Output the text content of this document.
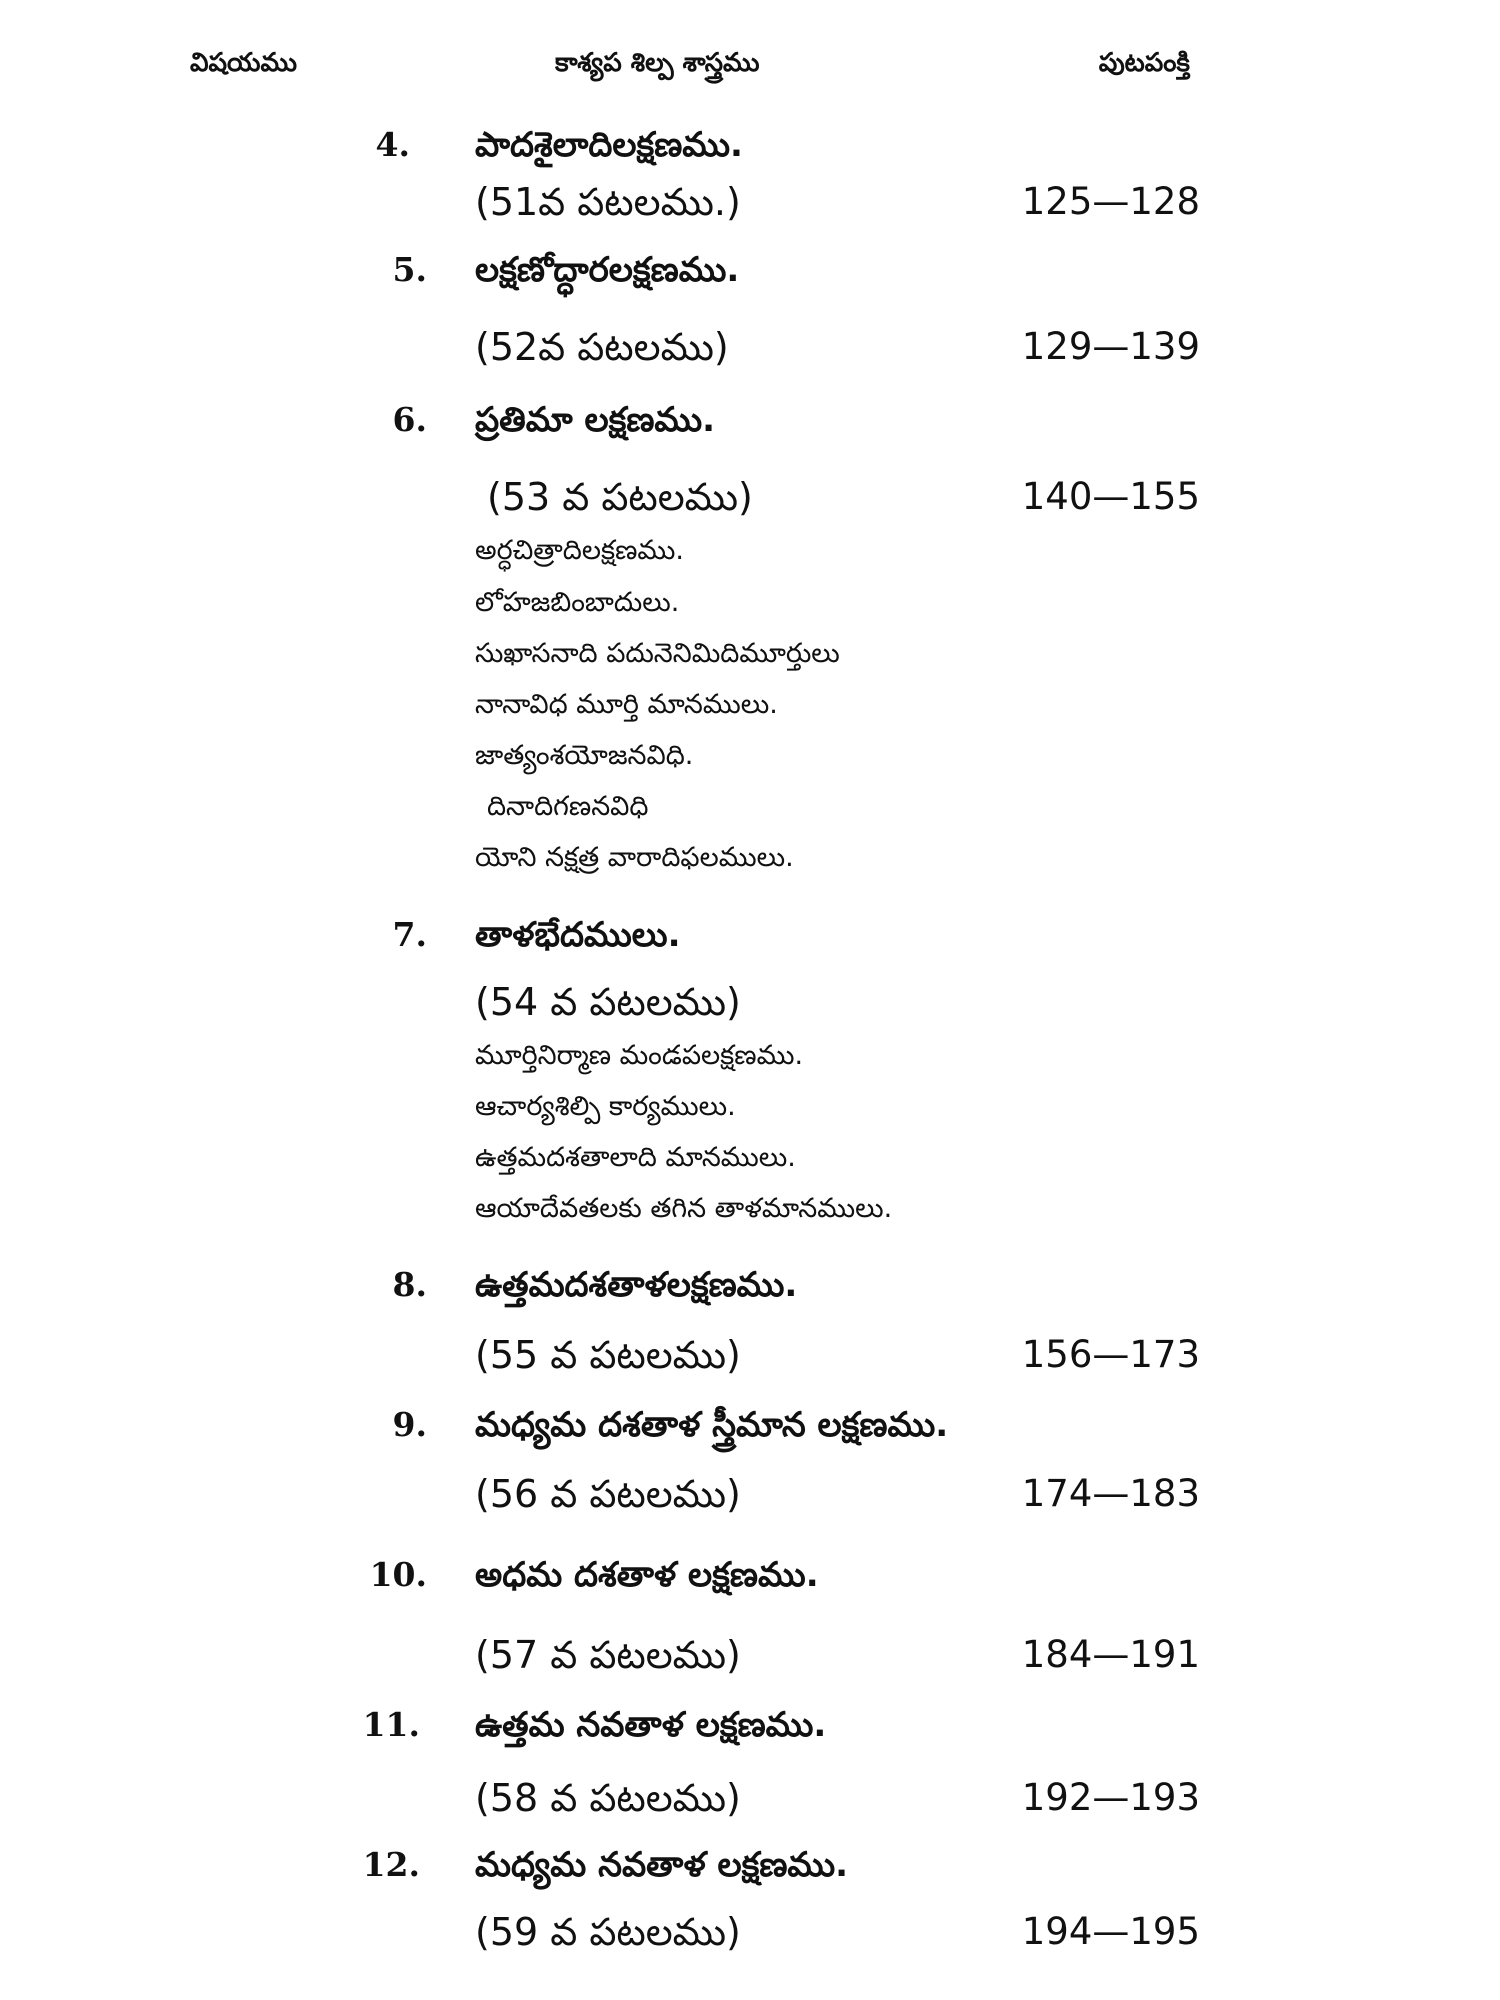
విషయము	కాశ్యప శిల్ప శాస్త్రము	పుటపంక్తి
4. పాదశైలాదిలక్షణము.
(51వ పటలము.)	125—128
5. లక్షణోద్ధారలక్షణము.
(52వ పటలము)	129—139
6. ప్రతిమా లక్షణము.
(53 వ పటలము)	140—155
అర్ధచిత్రాదిలక్షణము.
లోహజబింబాదులు.
సుఖాసనాది పదునెనిమిదిమూర్తులు
నానావిధ మూర్తి మానములు.
జాత్యంశయోజనవిధి.
దినాదిగణనవిధి
యోని నక్షత్ర వారాదిఫలములు.
7. తాళభేదములు.
(54 వ పటలము)
మూర్తినిర్మాణ మండపలక్షణము.
ఆచార్యశిల్పి కార్యములు.
ఉత్తమదశతాలాది మానములు.
ఆయాదేవతలకు తగిన తాళమానములు.
8. ఉత్తమదశతాళలక్షణము.
(55 వ పటలము)	156—173
9. మధ్యమ దశతాళ స్త్రీమాన లక్షణము.
(56 వ పటలము)	174—183
10. అధమ దశతాళ లక్షణము.
(57 వ పటలము)	184—191
11. ఉత్తమ నవతాళ లక్షణము.
(58 వ పటలము)	192—193
12. మధ్యమ నవతాళ లక్షణము.
(59 వ పటలము)	194—195
